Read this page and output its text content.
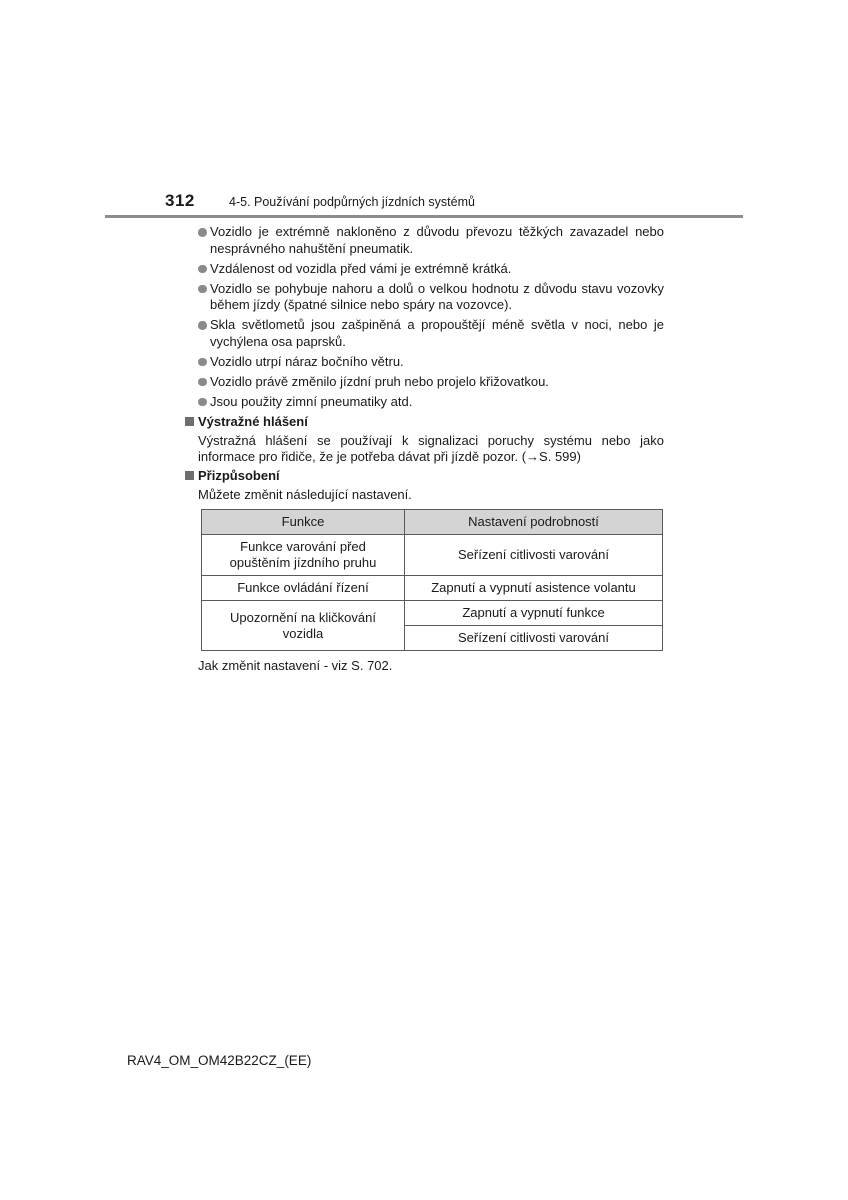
312	4-5. Používání podpůrných jízdních systémů
Vozidlo je extrémně nakloněno z důvodu převozu těžkých zavazadel nebo nesprávného nahuštění pneumatik.
Vzdálenost od vozidla před vámi je extrémně krátká.
Vozidlo se pohybuje nahoru a dolů o velkou hodnotu z důvodu stavu vozovky během jízdy (špatné silnice nebo spáry na vozovce).
Skla světlometů jsou zašpiněná a propouštějí méně světla v noci, nebo je vychýlena osa paprsků.
Vozidlo utrpí náraz bočního větru.
Vozidlo právě změnilo jízdní pruh nebo projelo křižovatkou.
Jsou použity zimní pneumatiky atd.
Výstražné hlášení
Výstražná hlášení se používají k signalizaci poruchy systému nebo jako informace pro řidiče, že je potřeba dávat při jízdě pozor. (→S. 599)
Přizpůsobení
Můžete změnit následující nastavení.
Funkce	Nastavení podrobností
Funkce varování před opuštěním jízdního pruhu	Seřízení citlivosti varování
Funkce ovládání řízení	Zapnutí a vypnutí asistence volantu
Upozornění na kličkování vozidla	Zapnutí a vypnutí funkce
	Seřízení citlivosti varování
Jak změnit nastavení - viz S. 702.
RAV4_OM_OM42B22CZ_(EE)
